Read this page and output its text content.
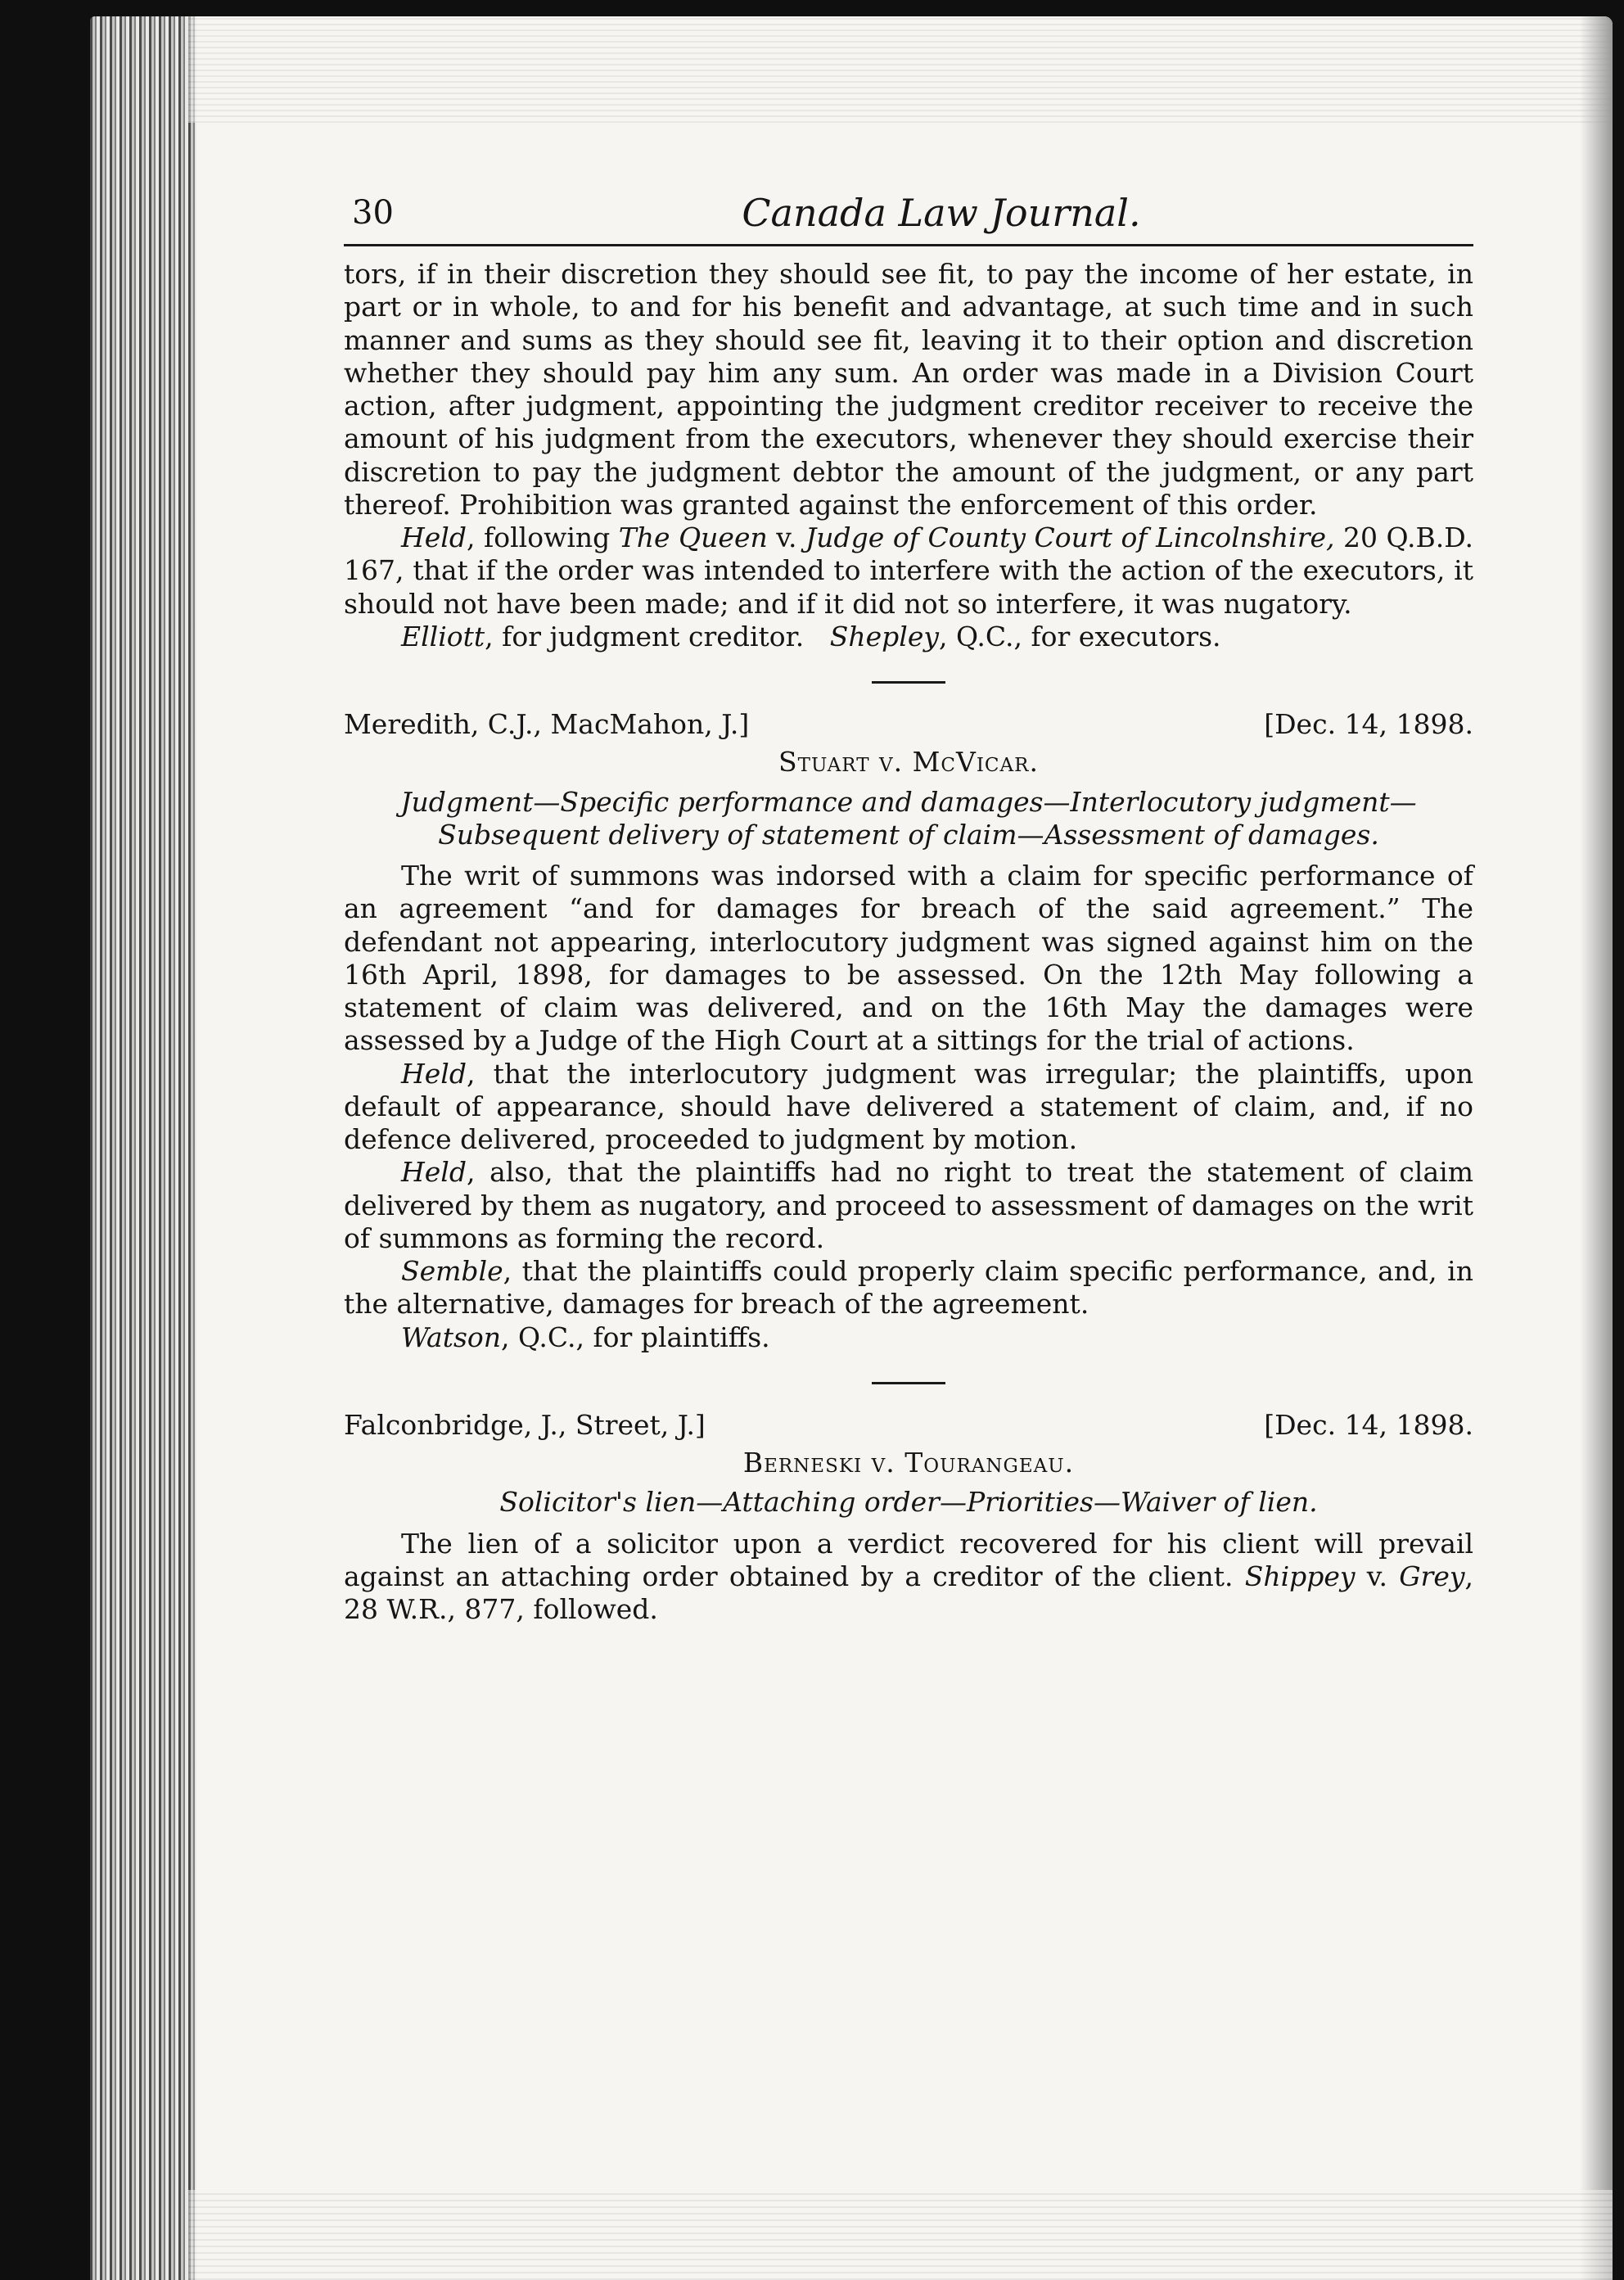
30	Canada Law Journal.

tors, if in their discretion they should see fit, to pay the income of her estate, in part or in whole, to and for his benefit and advantage, at such time and in such manner and sums as they should see fit, leaving it to their option and discretion whether they should pay him any sum. An order was made in a Division Court action, after judgment, appointing the judgment creditor receiver to receive the amount of his judgment from the executors, whenever they should exercise their discretion to pay the judgment debtor the amount of the judgment, or any part thereof. Prohibition was granted against the enforcement of this order.

Held, following The Queen v. Judge of County Court of Lincolnshire, 20 Q.B.D. 167, that if the order was intended to interfere with the action of the executors, it should not have been made; and if it did not so interfere, it was nugatory.

Elliott, for judgment creditor. Shepley, Q.C., for executors.

Meredith, C.J., MacMahon, J.]	[Dec. 14, 1898.
Stuart v. McVicar.
Judgment—Specific performance and damages—Interlocutory judgment—
Subsequent delivery of statement of claim—Assessment of damages.

The writ of summons was indorsed with a claim for specific performance of an agreement “and for damages for breach of the said agreement.” The defendant not appearing, interlocutory judgment was signed against him on the 16th April, 1898, for damages to be assessed. On the 12th May following a statement of claim was delivered, and on the 16th May the damages were assessed by a Judge of the High Court at a sittings for the trial of actions.

Held, that the interlocutory judgment was irregular; the plaintiffs, upon default of appearance, should have delivered a statement of claim, and, if no defence delivered, proceeded to judgment by motion.

Held, also, that the plaintiffs had no right to treat the statement of claim delivered by them as nugatory, and proceed to assessment of damages on the writ of summons as forming the record.

Semble, that the plaintiffs could properly claim specific performance, and, in the alternative, damages for breach of the agreement.

Watson, Q.C., for plaintiffs.

Falconbridge, J., Street, J.]	[Dec. 14, 1898.
Berneski v. Tourangeau.
Solicitor's lien—Attaching order—Priorities—Waiver of lien.

The lien of a solicitor upon a verdict recovered for his client will prevail against an attaching order obtained by a creditor of the client. Shippey v. Grey, 28 W.R., 877, followed.
